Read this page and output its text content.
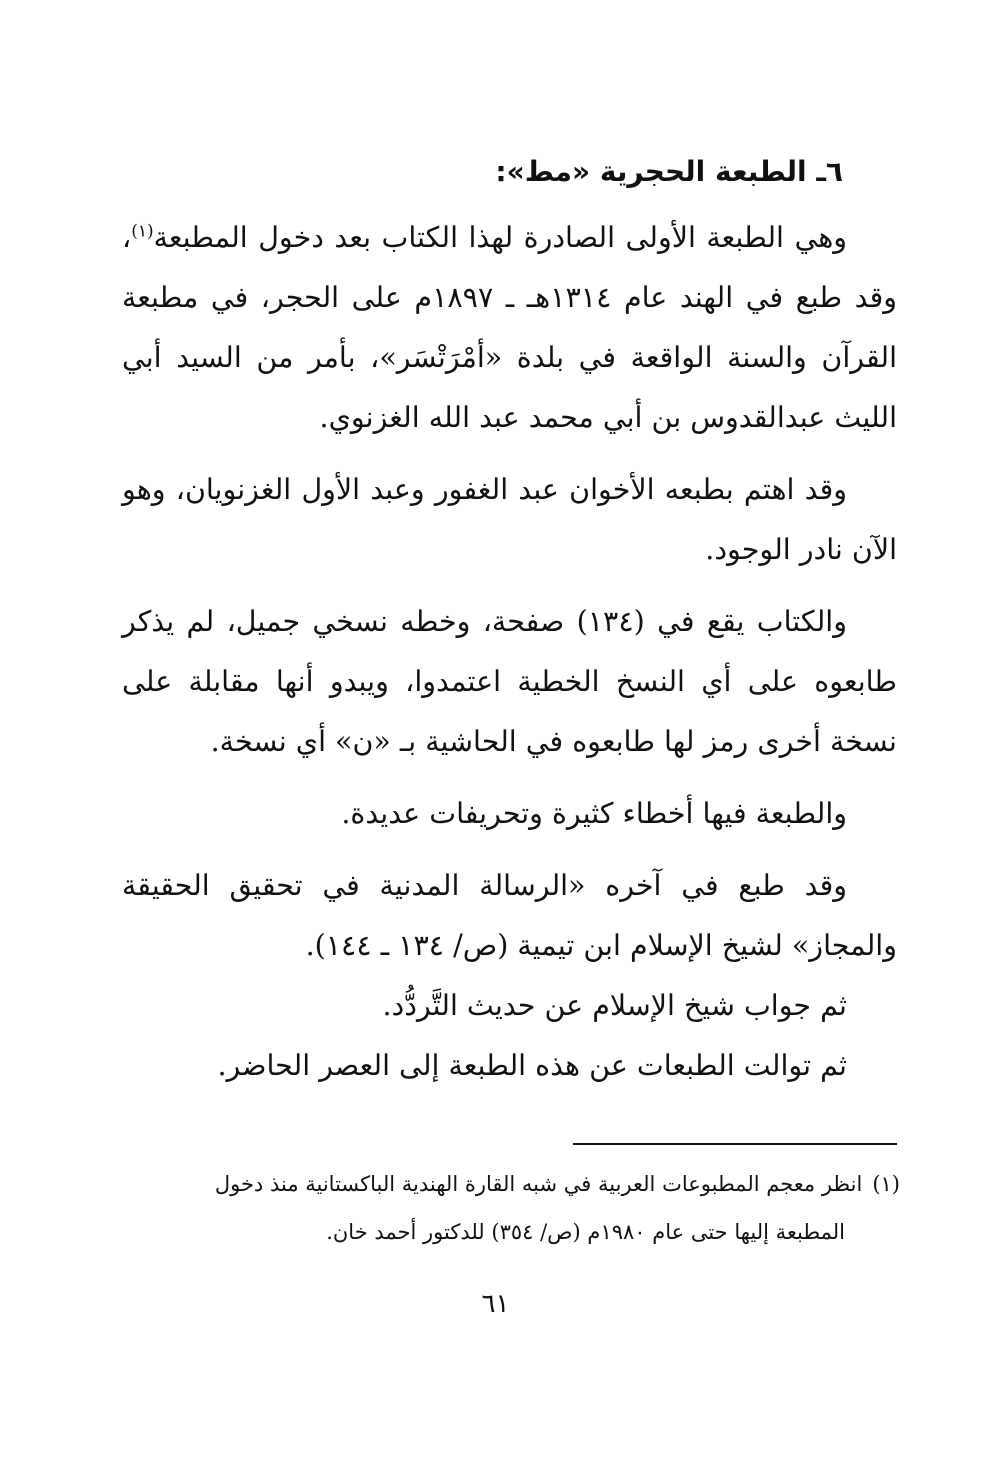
٦ـ الطبعة الحجرية «مط»:

وهي الطبعة الأولى الصادرة لهذا الكتاب بعد دخول المطبعة$^{(١)}$، وقد طبع في الهند عام ١٣١٤هـ ـ ١٨٩٧م على الحجر، في مطبعة القرآن والسنة الواقعة في بلدة «أمْرَتْسَر»، بأمر من السيد أبي الليث عبدالقدوس بن أبي محمد عبد الله الغزنوي.

وقد اهتم بطبعه الأخوان عبد الغفور وعبد الأول الغزنويان، وهو الآن نادر الوجود.

والكتاب يقع في (١٣٤) صفحة، وخطه نسخي جميل، لم يذكر طابعوه على أي النسخ الخطية اعتمدوا، ويبدو أنها مقابلة على نسخة أخرى رمز لها طابعوه في الحاشية بـ «ن» أي نسخة.

والطبعة فيها أخطاء كثيرة وتحريفات عديدة.

وقد طبع في آخره «الرسالة المدنية في تحقيق الحقيقة والمجاز» لشيخ الإسلام ابن تيمية (ص/ ١٣٤ ـ ١٤٤).

ثم جواب شيخ الإسلام عن حديث التَّردُّد.

ثم توالت الطبعات عن هذه الطبعة إلى العصر الحاضر.

(١)انظر معجم المطبوعات العربية في شبه القارة الهندية الباكستانية منذ دخول
المطبعة إليها حتى عام ١٩٨٠م (ص/ ٣٥٤) للدكتور أحمد خان.
٦١
